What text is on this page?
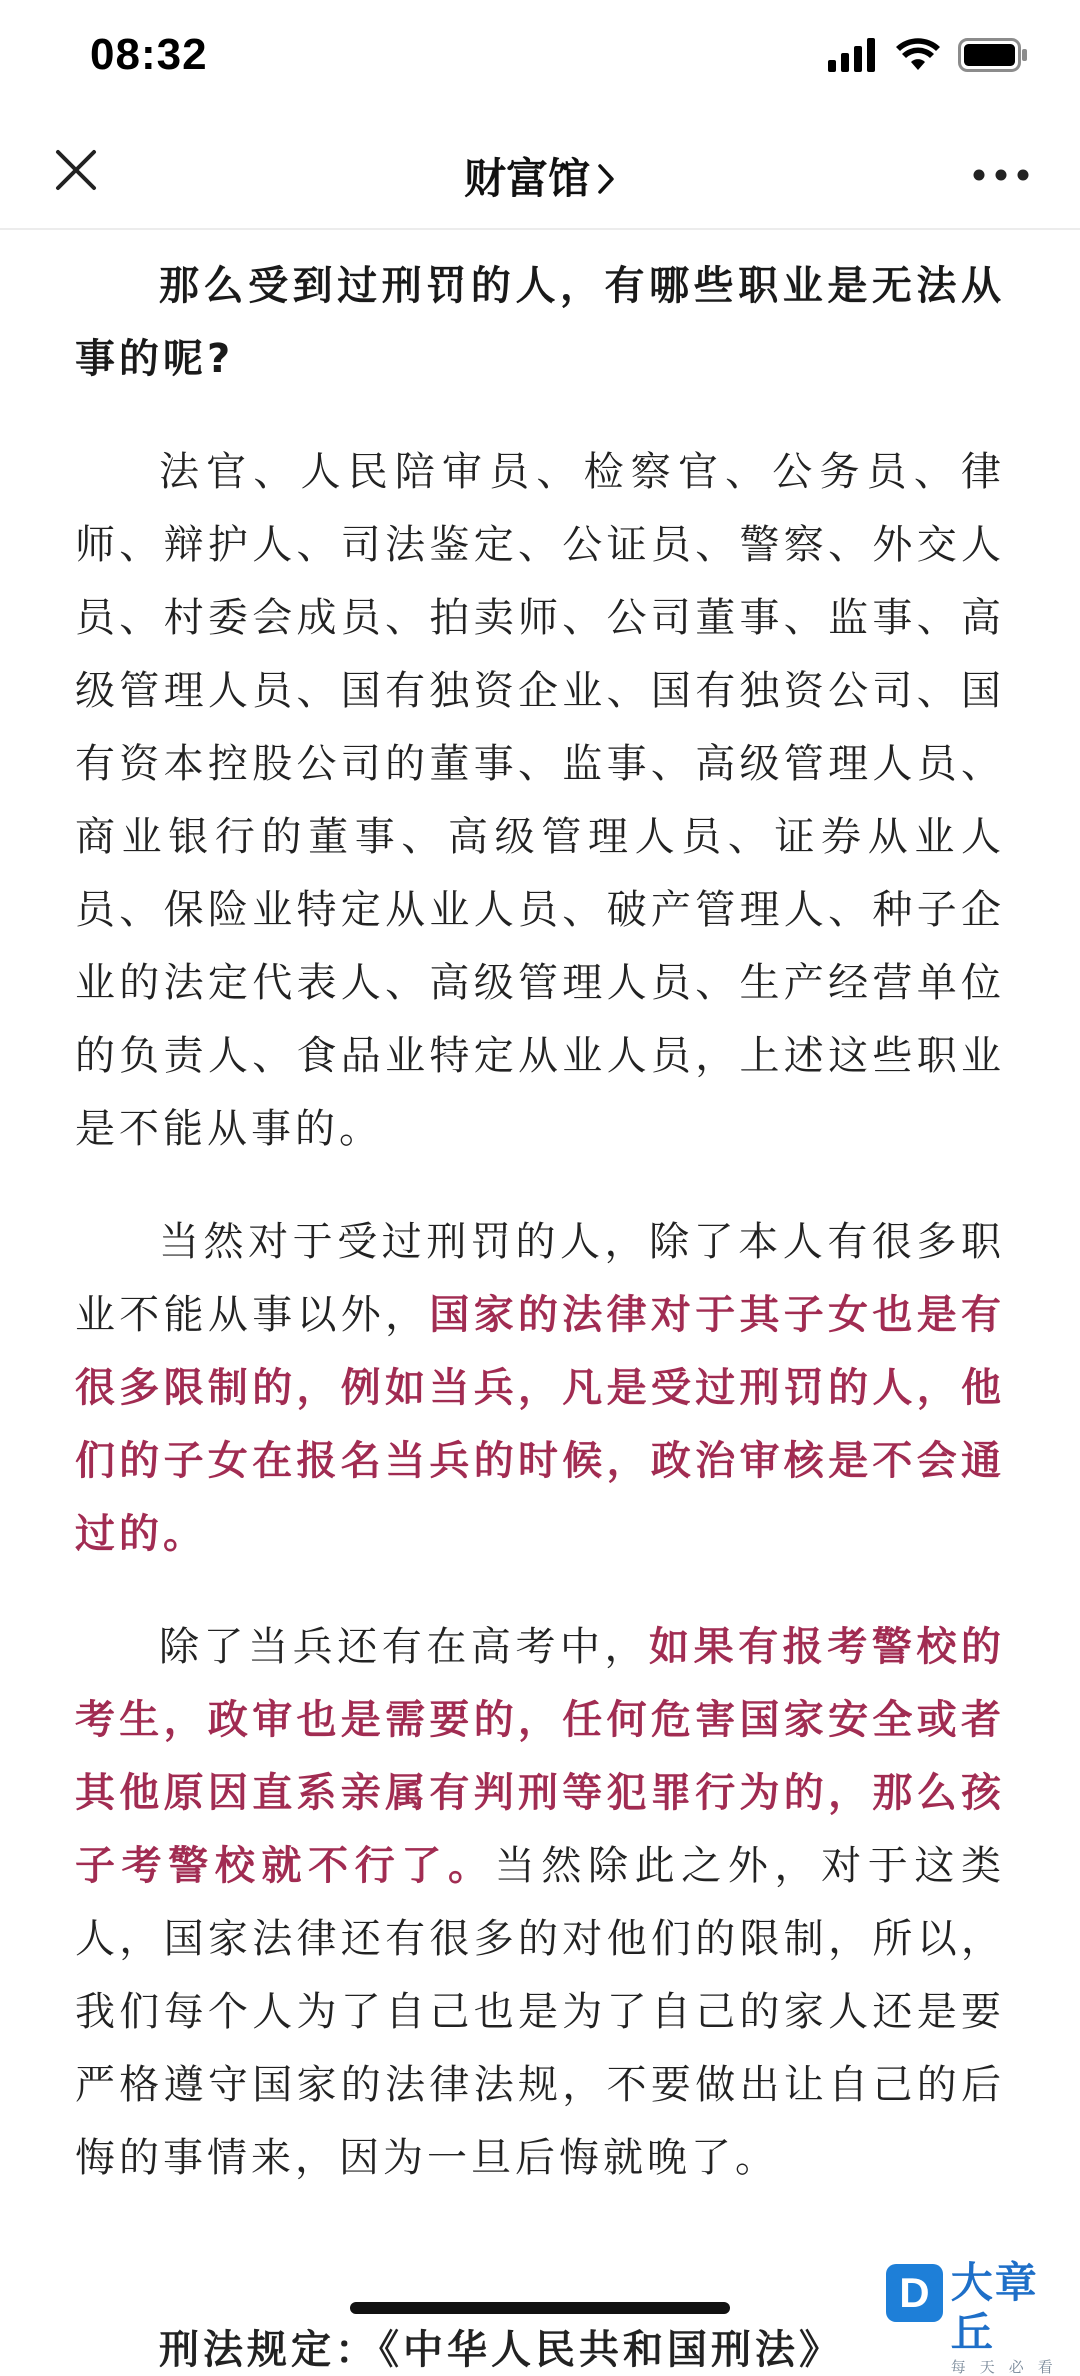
08:32
财富馆

那么受到过刑罚的人，有哪些职业是无法从事的呢?

法官、人民陪审员、检察官、公务员、律师、辩护人、司法鉴定、公证员、警察、外交人员、村委会成员、拍卖师、公司董事、监事、高级管理人员、国有独资企业、国有独资公司、国有资本控股公司的董事、监事、高级管理人员、商业银行的董事、高级管理人员、证券从业人员、保险业特定从业人员、破产管理人、种子企业的法定代表人、高级管理人员、生产经营单位的负责人、食品业特定从业人员，上述这些职业是不能从事的。

当然对于受过刑罚的人，除了本人有很多职业不能从事以外，国家的法律对于其子女也是有很多限制的，例如当兵，凡是受过刑罚的人，他们的子女在报名当兵的时候，政治审核是不会通过的。

除了当兵还有在高考中，如果有报考警校的考生，政审也是需要的，任何危害国家安全或者其他原因直系亲属有判刑等犯罪行为的，那么孩子考警校就不行了。当然除此之外，对于这类人，国家法律还有很多的对他们的限制，所以，我们每个人为了自己也是为了自己的家人还是要严格遵守国家的法律法规，不要做出让自己的后悔的事情来，因为一旦后悔就晚了。

刑法规定：《中华人民共和国刑法》
D 大章丘
每天必看
